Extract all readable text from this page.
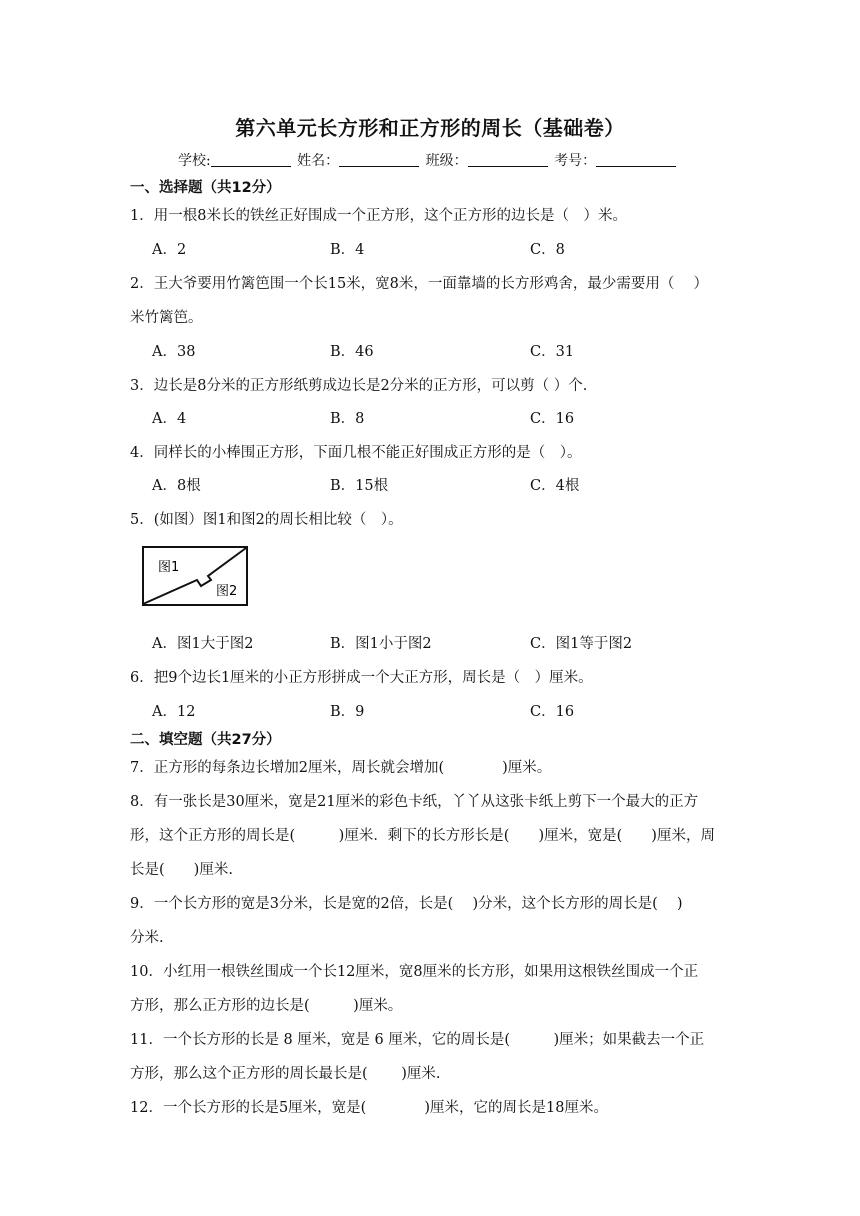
第六单元长方形和正方形的周长（基础卷）
学校:	姓名：	班级：	考号：
一、选择题（共12分）
1．用一根8米长的铁丝正好围成一个正方形，这个正方形的边长是（　）米。
A．2	B．4	C．8
2．王大爷要用竹篱笆围一个长15米，宽8米，一面靠墙的长方形鸡舍，最少需要用（　 ）
米竹篱笆。
A．38	B．46	C．31
3．边长是8分米的正方形纸剪成边长是2分米的正方形，可以剪（ ）个.
A．4	B．8	C．16
4．同样长的小棒围正方形，下面几根不能正好围成正方形的是（　）。
A．8根	B．15根	C．4根
5．(如图）图1和图2的周长相比较（　）。
图1
图2
A．图1大于图2	B．图1小于图2	C．图1等于图2
6．把9个边长1厘米的小正方形拼成一个大正方形，周长是（　）厘米。
A．12	B．9	C．16
二、填空题（共27分）
7．正方形的每条边长增加2厘米，周长就会增加(　　　　)厘米。
8．有一张长是30厘米，宽是21厘米的彩色卡纸，丫丫从这张卡纸上剪下一个最大的正方
形，这个正方形的周长是(　　　)厘米．剩下的长方形长是(　　)厘米，宽是(　　)厘米，周
长是(　　)厘米.
9．一个长方形的宽是3分米，长是宽的2倍，长是(　 )分米，这个长方形的周长是(　 )
分米.
10．小红用一根铁丝围成一个长12厘米，宽8厘米的长方形，如果用这根铁丝围成一个正
方形，那么正方形的边长是(　　　)厘米。
11．一个长方形的长是 8 厘米，宽是 6 厘米，它的周长是(　　　)厘米；如果截去一个正
方形，那么这个正方形的周长最长是(　　 )厘米.
12．一个长方形的长是5厘米，宽是(　　　　)厘米，它的周长是18厘米。
